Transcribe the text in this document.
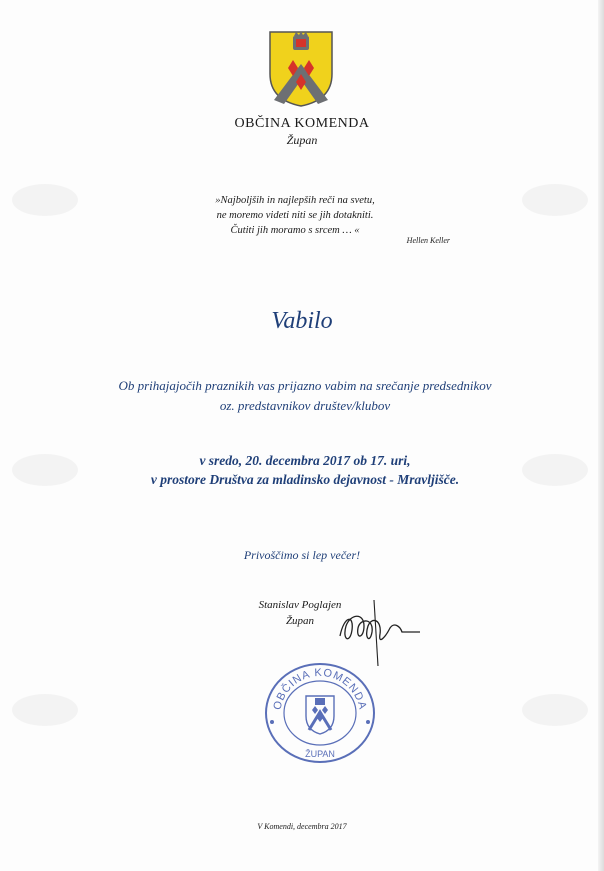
OBČINA KOMENDA
Župan
»Najboljših in najlepših reči na svetu,
ne moremo videti niti se jih dotakniti.
Čutiti jih moramo s srcem … «
Hellen Keller
Vabilo
Ob prihajajočih praznikih vas prijazno vabim na srečanje predsednikov
oz. predstavnikov društev/klubov
v sredo, 20. decembra 2017 ob 17. uri,
v prostore Društva za mladinsko dejavnost - Mravljišče.
Privoščimo si lep večer!
Stanislav Poglajen
Župan
OBČINA KOMENDA
ŽUPAN
V Komendi, decembra 2017
